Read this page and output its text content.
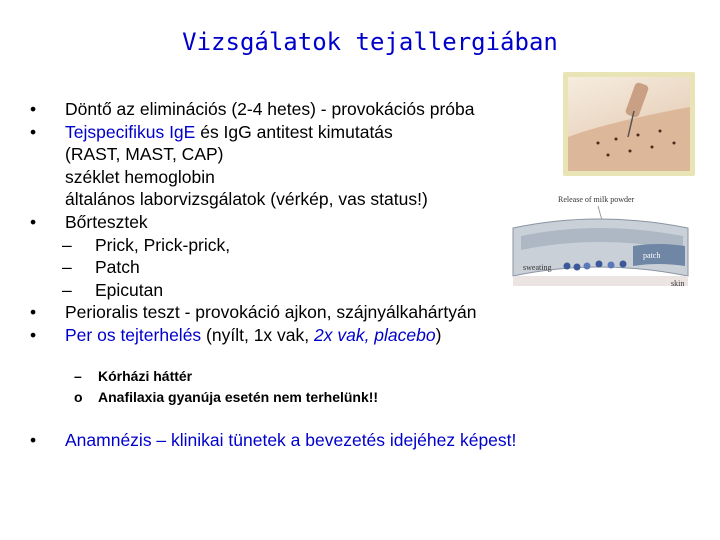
Vizsgálatok tejallergiában
• Döntő az eliminációs (2-4 hetes) - provokációs próba
• Tejspecifikus IgE és IgG antitest kimutatás
(RAST, MAST, CAP)
széklet hemoglobin
általános laborvizsgálatok (vérkép, vas status!)
• Bőrtesztek
– Prick, Prick-prick,
– Patch
– Epicutan
• Perioralis teszt - provokáció ajkon, szájnyálkahártyán
• Per os tejterhelés (nyílt, 1x vak, 2x vak, placebo)
– Kórházi háttér
o Anafilaxia gyanúja esetén nem terhelünk!!
• Anamnézis – klinikai tünetek a bevezetés idejéhez képest!
Release of milk powder
patch
sweating
skin
